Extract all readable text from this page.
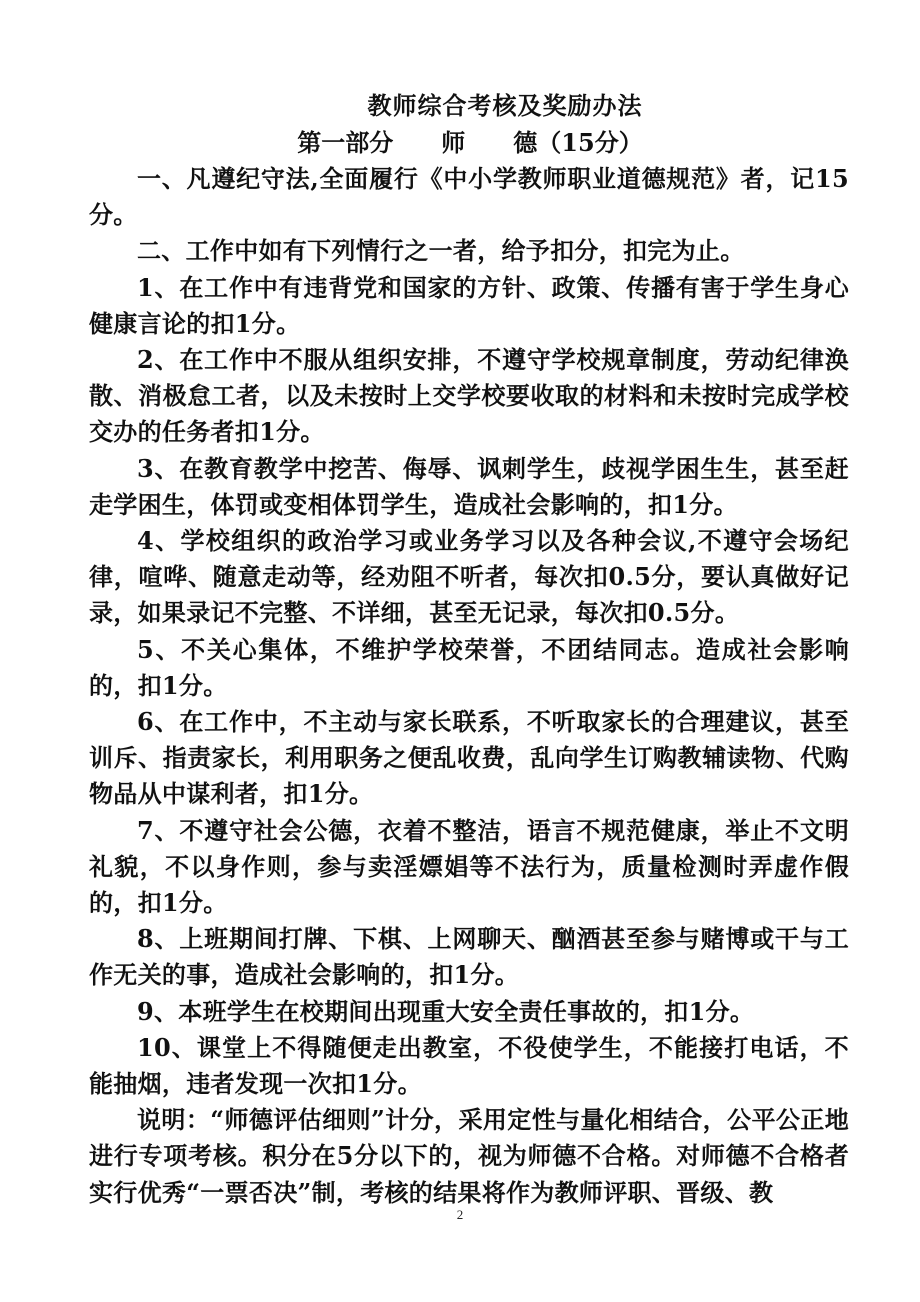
教师综合考核及奖励办法
第一部分　　师　　德（15分）

一、凡遵纪守法,全面履行《中小学教师职业道德规范》者，记15分。

二、工作中如有下列情行之一者，给予扣分，扣完为止。

1、在工作中有违背党和国家的方针、政策、传播有害于学生身心健康言论的扣1分。

2、在工作中不服从组织安排，不遵守学校规章制度，劳动纪律涣散、消极怠工者，以及未按时上交学校要收取的材料和未按时完成学校交办的任务者扣1分。

3、在教育教学中挖苦、侮辱、讽刺学生，歧视学困生生，甚至赶走学困生，体罚或变相体罚学生，造成社会影响的，扣1分。

4、学校组织的政治学习或业务学习以及各种会议,不遵守会场纪律，喧哗、随意走动等，经劝阻不听者，每次扣0.5分，要认真做好记录，如果录记不完整、不详细，甚至无记录，每次扣0.5分。

5、不关心集体，不维护学校荣誉，不团结同志。造成社会影响的，扣1分。

6、在工作中，不主动与家长联系，不听取家长的合理建议，甚至训斥、指责家长，利用职务之便乱收费，乱向学生订购教辅读物、代购物品从中谋利者，扣1分。

7、不遵守社会公德，衣着不整洁，语言不规范健康，举止不文明礼貌，不以身作则，参与卖淫嫖娼等不法行为，质量检测时弄虚作假的，扣1分。

8、上班期间打牌、下棋、上网聊天、酗酒甚至参与赌博或干与工作无关的事，造成社会影响的，扣1分。

9、本班学生在校期间出现重大安全责任事故的，扣1分。

10、课堂上不得随便走出教室，不役使学生，不能接打电话，不能抽烟，违者发现一次扣1分。

说明：“师德评估细则”计分，采用定性与量化相结合，公平公正地进行专项考核。积分在5分以下的，视为师德不合格。对师德不合格者实行优秀“一票否决”制，考核的结果将作为教师评职、晋级、教

2
